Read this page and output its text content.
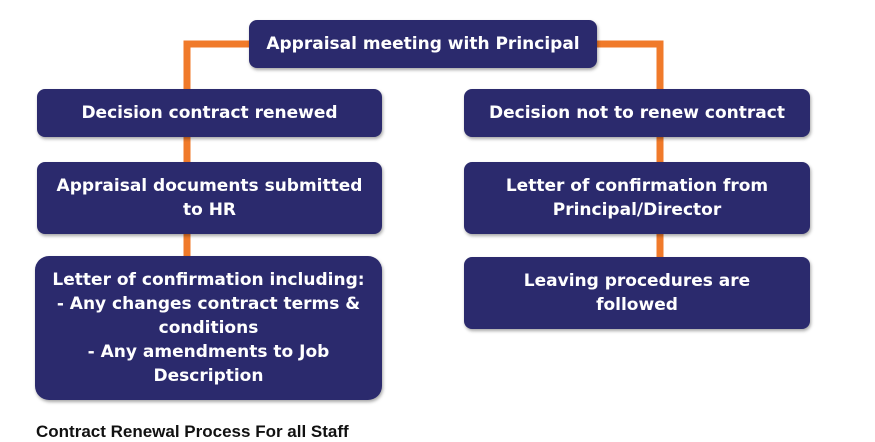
Appraisal meeting with Principal
Decision contract renewed	Decision not to renew contract
Appraisal documents submitted
to HR
Letter of confirmation from
Principal/Director
Letter of confirmation including:
- Any changes contract terms &
conditions
- Any amendments to Job
Description
Leaving procedures are
followed
Contract Renewal Process For all Staff
